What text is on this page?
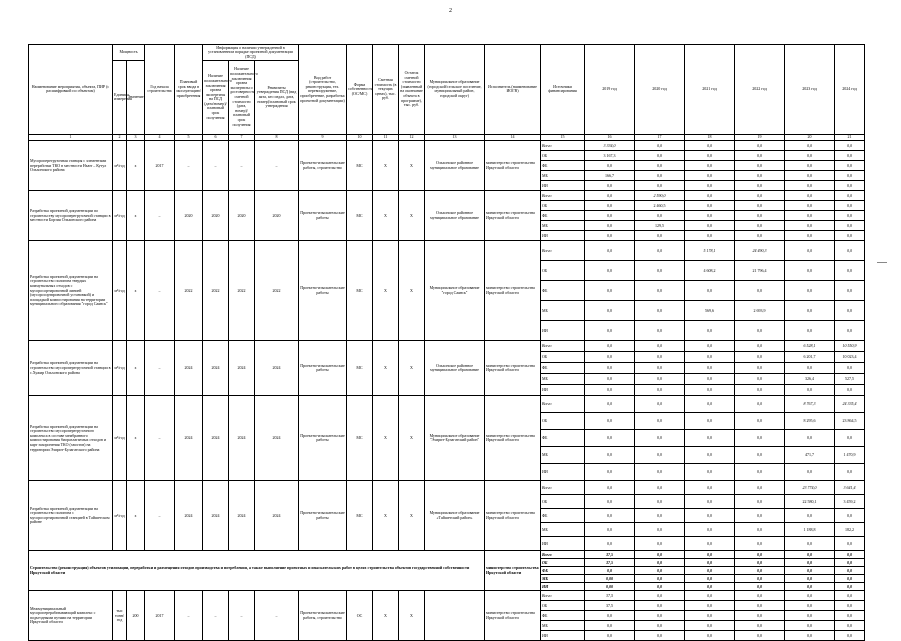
2
Наименование мероприятия, объекта, ПИР (с расшифровкой по объектам)	Мощность		Год начала строительства	Плановый срок ввода в эксплуатацию/приобретения	Информация о наличии утвержденной в установленном порядке проектной документации (ПСД)			Вид работ (строительство, реконструкция, тех. перевооружение, приобретение, разработка проектной документации)	Форма собственности (ОС/МС)	Сметная стоимость (в текущих ценах), тыс. руб.	Остаток сметной стоимости (заявленный на окончание объекта в программе), тыс. руб.	Муниципальное образование (городской/сельское поселение, муниципальный район, городской округ)	Исполнитель (наименование ИОГВ)	Источники финансирования	2019 год	2020 год	2021 год	2022 год	2023 год	2024 год
					Наличие положительного заключения органа экспертизы на ПСД (дата/номер)/плановый срок получения	Наличие положительного заключения органа экспертизы о достоверности сметной стоимости (дата, номер)/плановый срок получения	Реквизиты утверждения ПСД (вид акта, кто издал, дата, номер)/плановый срок утверждения													
	Единица измерения	Значение																		
1	2	3	4	5	6	7	8	9	10	11	12	13	14	15	16	17	18	19	20	21
Мусороперегрузочная станция с элементами переработки ТКО в местности Ньют – Кутул Ольхонского района	м³/год	x	2017	–	–	–	–	Проектно-изыскательские работы, строительство	МС	X	X	Ольхонское районное муниципальное образование	министерство строительства Иркутской области	Всего	3 334,0	0,0	0,0	0,0	0,0	0,0
														ОБ	3 167,3	0,0	0,0	0,0	0,0	0,0
														ФБ	0,0	0,0	0,0	0,0	0,0	0,0
														МБ	166,7	0,0	0,0	0,0	0,0	0,0
														ИИ	0,0	0,0	0,0	0,0	0,0	0,0
Разработка проектной документации по строительству мусороперегрузочной станции в местности Борзия Ольхонского района	м³/год	x	–	2020	2020	2020	2020	Проектно-изыскательские работы	МС	X	X	Ольхонское районное муниципальное образование	министерство строительства Иркутской области	Всего	0,0	2 590,0	0,0	0,0	0,0	0,0
														ОБ	0,0	2 460,5	0,0	0,0	0,0	0,0
														ФБ	0,0	0,0	0,0	0,0	0,0	0,0
														МБ	0,0	129,5	0,0	0,0	0,0	0,0
														ИИ	0,0	0,0	0,0	0,0	0,0	0,0
Разработка проектной документации на строительство полигона твердых коммунальных отходов с мусоросортировочной линией (мусоросортировочной установкой) и площадкой компостирования на территории муниципального образования "город Саянск"	м³/год	x	–	2022	2022	2022	2022	Проектно-изыскательские работы	МС	X	X	Муниципальное образование "город Саянск"	министерство строительства Иркутской области	Всего	0,0	0,0	5 178,1	24 490,3	0,0	0,0
														ОБ	0,0	0,0	4 608,2	21 796,4	0,0	0,0
														ФБ	0,0	0,0	0,0	0,0	0,0	0,0
														МБ	0,0	0,0	569,6	2 693,9	0,0	0,0
														ИИ	0,0	0,0	0,0	0,0	0,0	0,0
Разработка проектной документации на строительство мусороперегрузочной станции в с.Хужир Ольхонского района	м³/год	x	–	2024	2024	2024	2024	Проектно-изыскательские работы	МС	X	X	Ольхонское районное муниципальное образование	министерство строительства Иркутской области	Всего	0,0	0,0	0,0	0,0	6 528,1	10 550,9
														ОБ	0,0	0,0	0,0	0,0	6 201,7	10 023,4
														ФБ	0,0	0,0	0,0	0,0	0,0	0,0
														МБ	0,0	0,0	0,0	0,0	326,4	527,5
														ИИ	0,0	0,0	0,0	0,0	0,0	0,0
Разработка проектной документации на строительство мусороперегрузочного комплекса в составе мембранного компостирования биоразлагаемых отходов и карт захоронения ТКО (хвостов) на территории Эхирит-Булагатского района	м³/год	x	–	2024	2024	2024	2024	Проектно-изыскательские работы	МС	X	X	Муниципальное образование "Эхирит-Булагатский район"	министерство строительства Иркутской области	Всего	0,0	0,0	0,0	0,0	8 767,3	24 335,4
														ОБ	0,0	0,0	0,0	0,0	8 295,6	23 864,5
														ФБ	0,0	0,0	0,0	0,0	0,0	0,0
														МБ	0,0	0,0	0,0	0,0	471,7	1 470,9
														ИИ	0,0	0,0	0,0	0,0	0,0	0,0
Разработка проектной документации на строительство полигона с мусоросортировочной станцией в Тайшетском районе	м³/год	x	–	2024	2024	2024	2024	Проектно-изыскательские работы	МС	X	X	Муниципальное образование «Тайшетский район»	министерство строительства Иркутской области	Всего	0,0	0,0	0,0	0,0	23 774,0	3 641,4
														ОБ	0,0	0,0	0,0	0,0	22 580,1	3 459,2
														ФБ	0,0	0,0	0,0	0,0	0,0	0,0
														МБ	0,0	0,0	0,0	0,0	1 188,8	182,2
														ИИ	0,0	0,0	0,0	0,0	0,0	0,0
Строительство (реконструкция) объектов утилизации, переработки и размещения отходов производства и потребления, а также выполнение проектных и изыскательских работ в целях строительства объектов государственной собственности Иркутской области													министерство строительства Иркутской области	Всего	37,5	0,0	0,0	0,0	0,0	0,0
														ОБ	37,5	0,0	0,0	0,0	0,0	0,0
														ФБ	0,0	0,0	0,0	0,0	0,0	0,0
														МБ	0,00	0,0	0,0	0,0	0,0	0,0
														ИИ	0,00	0,0	0,0	0,0	0,0	0,0
Межмуниципальный мусороперерабатывающий комплекс с подъездными путями на территории Иркутской области	тыс тонн/год	200	2017	–	–	–	–	Проектно-изыскательские работы, строительство	ОС	X	X		министерство строительства Иркутской области	Всего	37,5	0,0	0,0	0,0	0,0	0,0
														ОБ	37,5	0,0	0,0	0,0	0,0	0,0
														ФБ	0,0	0,0	0,0	0,0	0,0	0,0
														МБ	0,0	0,0	0,0	0,0	0,0	0,0
														ИИ	0,0	0,0	0,0	0,0	0,0	0,0
